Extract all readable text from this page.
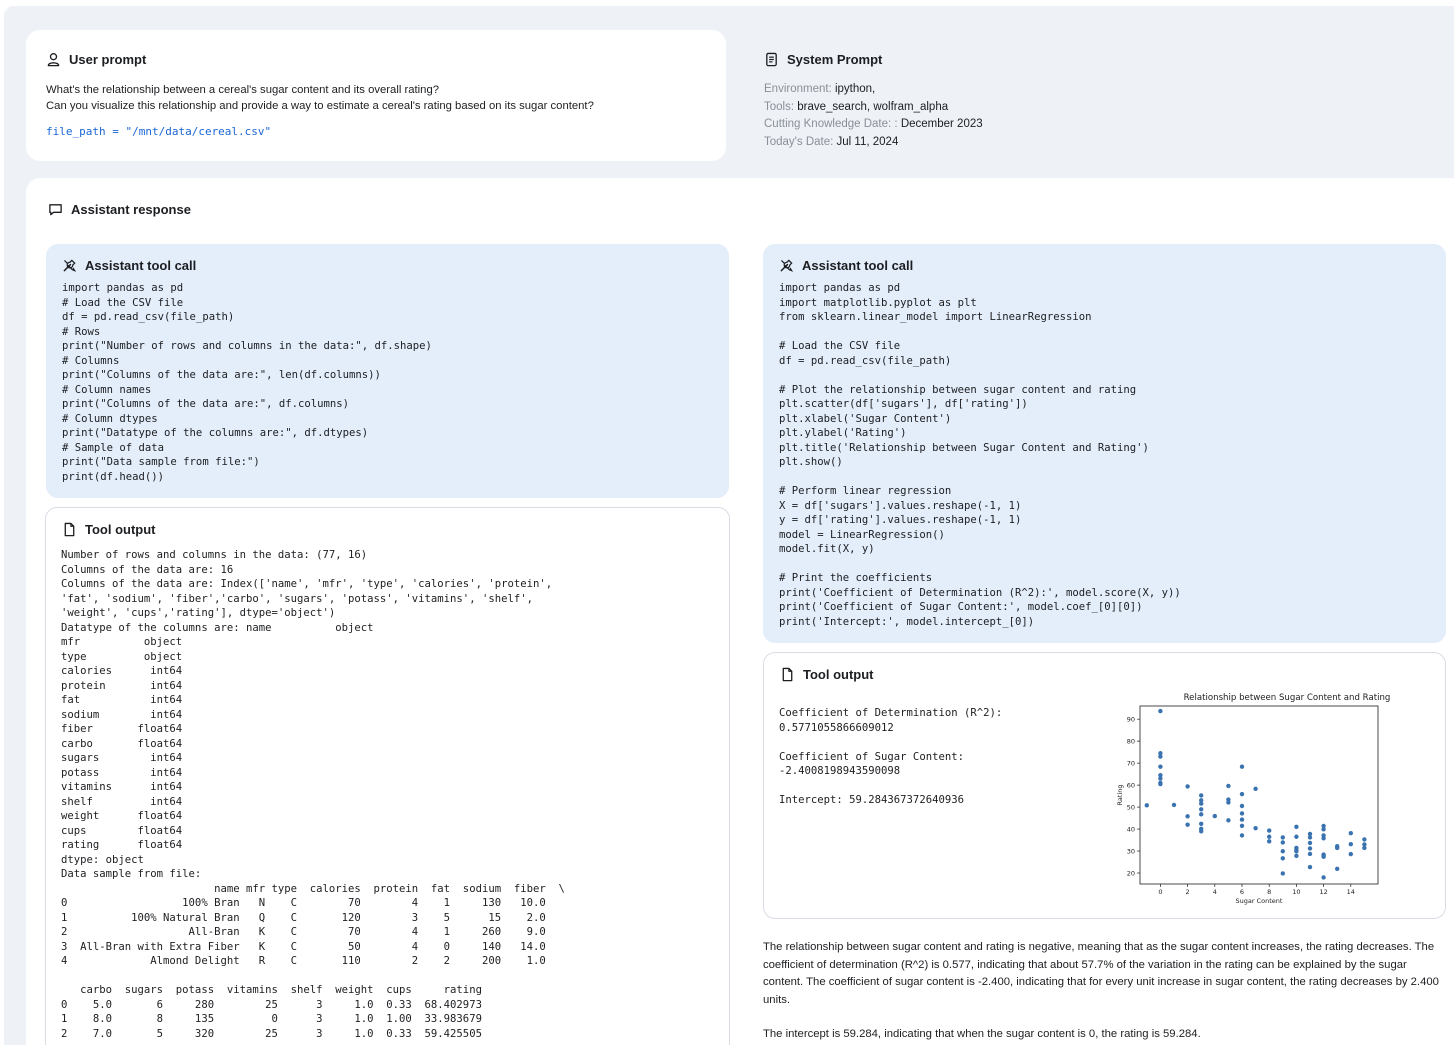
User prompt
What's the relationship between a cereal's sugar content and its overall rating?
Can you visualize this relationship and provide a way to estimate a cereal's rating based on its sugar content?
file_path = "/mnt/data/cereal.csv"
System Prompt
Environment: ipython,
Tools: brave_search, wolfram_alpha
Cutting Knowledge Date: : December 2023
Today's Date: Jul 11, 2024
Assistant response
Assistant tool call
import pandas as pd
# Load the CSV file
df = pd.read_csv(file_path)
# Rows
print("Number of rows and columns in the data:", df.shape)
# Columns
print("Columns of the data are:", len(df.columns))
# Column names
print("Columns of the data are:", df.columns)
# Column dtypes
print("Datatype of the columns are:", df.dtypes)
# Sample of data
print("Data sample from file:")
print(df.head())
Tool output
Number of rows and columns in the data: (77, 16)
Columns of the data are: 16
Columns of the data are: Index(['name', 'mfr', 'type', 'calories', 'protein',
'fat', 'sodium', 'fiber','carbo', 'sugars', 'potass', 'vitamins', 'shelf',
'weight', 'cups','rating'], dtype='object')
Datatype of the columns are: name          object
mfr          object
type         object
calories      int64
protein       int64
fat           int64
sodium        int64
fiber       float64
carbo       float64
sugars        int64
potass        int64
vitamins      int64
shelf         int64
weight      float64
cups        float64
rating      float64
dtype: object
Data sample from file:
name mfr type  calories  protein  fat  sodium  fiber  \
0                  100% Bran   N    C        70        4    1     130   10.0
1          100% Natural Bran   Q    C       120        3    5      15    2.0
2                   All-Bran   K    C        70        4    1     260    9.0
3  All-Bran with Extra Fiber   K    C        50        4    0     140   14.0
4             Almond Delight   R    C       110        2    2     200    1.0

carbo  sugars  potass  vitamins  shelf  weight  cups     rating
0    5.0       6     280        25      3     1.0  0.33  68.402973
1    8.0       8     135         0      3     1.0  1.00  33.983679
2    7.0       5     320        25      3     1.0  0.33  59.425505
Assistant tool call
import pandas as pd
import matplotlib.pyplot as plt
from sklearn.linear_model import LinearRegression

# Load the CSV file
df = pd.read_csv(file_path)

# Plot the relationship between sugar content and rating
plt.scatter(df['sugars'], df['rating'])
plt.xlabel('Sugar Content')
plt.ylabel('Rating')
plt.title('Relationship between Sugar Content and Rating')
plt.show()

# Perform linear regression
X = df['sugars'].values.reshape(-1, 1)
y = df['rating'].values.reshape(-1, 1)
model = LinearRegression()
model.fit(X, y)

# Print the coefficients
print('Coefficient of Determination (R^2):', model.score(X, y))
print('Coefficient of Sugar Content:', model.coef_[0][0])
print('Intercept:', model.intercept_[0])
Tool output
Coefficient of Determination (R^2):
0.5771055866609012

Coefficient of Sugar Content:
-2.4008198943590098

Intercept: 59.284367372640936
Relationship between Sugar Content and Rating
0	2	4	6	8	10	12	14
20
30
40
50
60
70
80
90
Sugar Content
Rating
The relationship between sugar content and rating is negative, meaning that as the sugar content increases, the rating decreases. The coefficient of determination (R^2) is 0.577, indicating that about 57.7% of the variation in the rating can be explained by the sugar content. The coefficient of sugar content is -2.400, indicating that for every unit increase in sugar content, the rating decreases by 2.400 units.
The intercept is 59.284, indicating that when the sugar content is 0, the rating is 59.284.
